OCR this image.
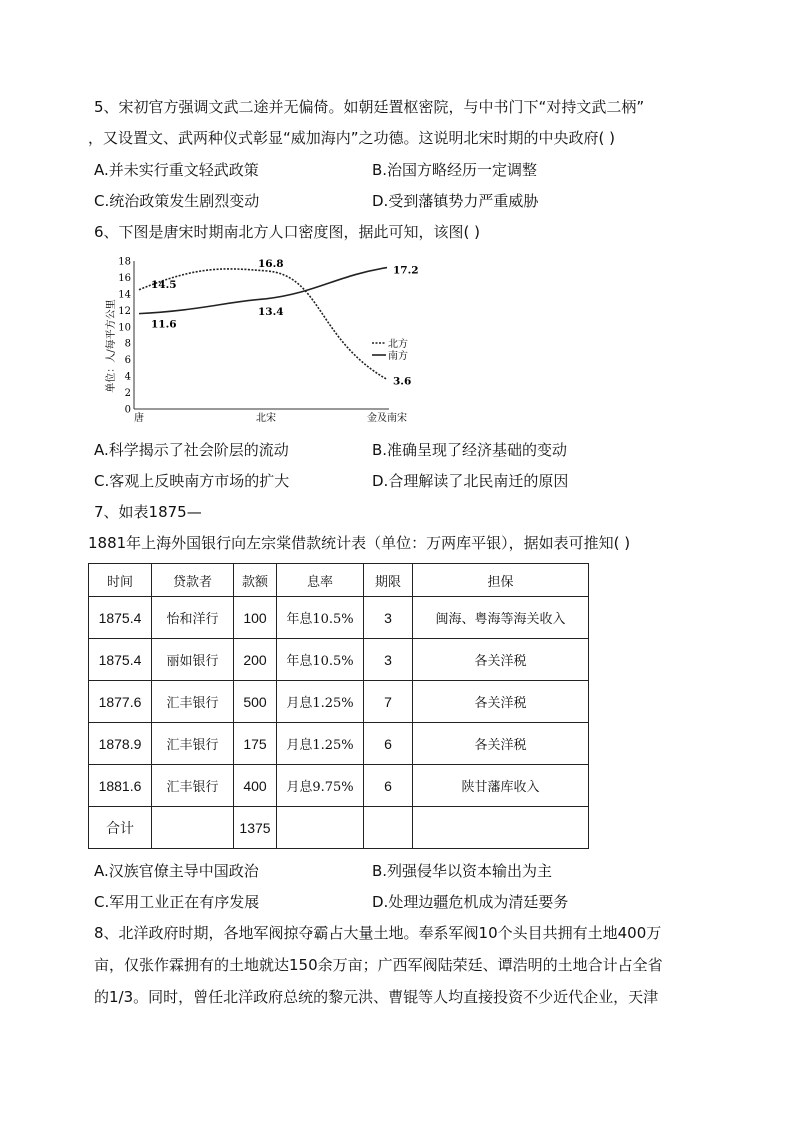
5、宋初官方强调文武二途并无偏倚。如朝廷置枢密院，与中书门下“对持文武二柄”
，又设置文、武两种仪式彰显“威加海内”之功德。这说明北宋时期的中央政府( )
A.并未实行重文轻武政策	B.治国方略经历一定调整
C.统治政策发生剧烈变动	D.受到藩镇势力严重威胁
6、下图是唐宋时期南北方人口密度图，据此可知，该图( )
单位：人/每平方公里
0
2
4
6
8
10
12
14
16
18
唐	北宋	金及南宋
14.5
16.8
3.6
11.6
13.4
17.2
北方
南方
A.科学揭示了社会阶层的流动	B.准确呈现了经济基础的变动
C.客观上反映南方市场的扩大	D.合理解读了北民南迁的原因
7、如表1875—
1881年上海外国银行向左宗棠借款统计表（单位：万两库平银），据如表可推知( )
时间	贷款者	款额	息率	期限	担保
1875.4	怡和洋行	100	年息10.5%	3	闽海、粤海等海关收入
1875.4	丽如银行	200	年息10.5%	3	各关洋税
1877.6	汇丰银行	500	月息1.25%	7	各关洋税
1878.9	汇丰银行	175	月息1.25%	6	各关洋税
1881.6	汇丰银行	400	月息9.75%	6	陕甘藩库收入
合计		1375			
A.汉族官僚主导中国政治	B.列强侵华以资本输出为主
C.军用工业正在有序发展	D.处理边疆危机成为清廷要务
8、北洋政府时期，各地军阀掠夺霸占大量土地。奉系军阀10个头目共拥有土地400万
亩，仅张作霖拥有的土地就达150余万亩；广西军阀陆荣廷、谭浩明的土地合计占全省
的1/3。同时，曾任北洋政府总统的黎元洪、曹锟等人均直接投资不少近代企业，天津
